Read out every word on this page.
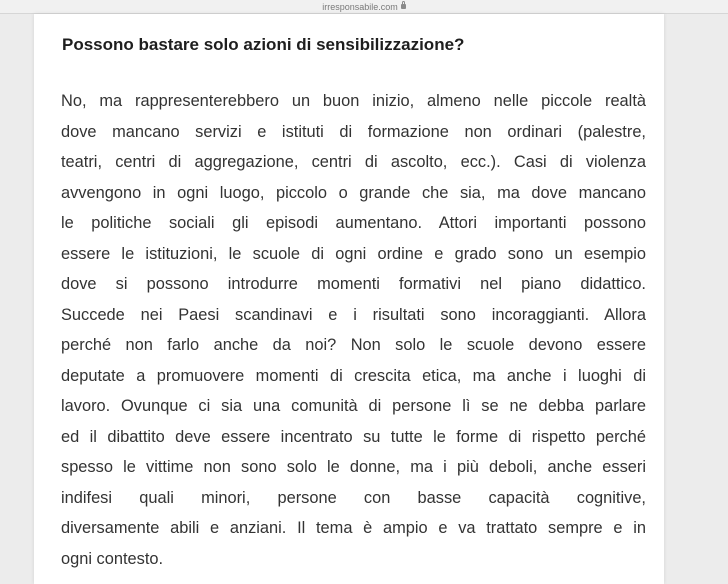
irresponsabile.com
Possono bastare solo azioni di sensibilizzazione?
No, ma rappresenterebbero un buon inizio, almeno nelle piccole realtà
dove mancano servizi e istituti di formazione non ordinari (palestre,
teatri, centri di aggregazione, centri di ascolto, ecc.). Casi di violenza
avvengono in ogni luogo, piccolo o grande che sia, ma dove mancano
le politiche sociali gli episodi aumentano. Attori importanti possono
essere le istituzioni, le scuole di ogni ordine e grado sono un esempio
dove si possono introdurre momenti formativi nel piano didattico.
Succede nei Paesi scandinavi e i risultati sono incoraggianti. Allora
perché non farlo anche da noi? Non solo le scuole devono essere
deputate a promuovere momenti di crescita etica, ma anche i luoghi di
lavoro. Ovunque ci sia una comunità di persone lì se ne debba parlare
ed il dibattito deve essere incentrato su tutte le forme di rispetto perché
spesso le vittime non sono solo le donne, ma i più deboli, anche esseri
indifesi quali minori, persone con basse capacità cognitive,
diversamente abili e anziani. Il tema è ampio e va trattato sempre e in
ogni contesto.
